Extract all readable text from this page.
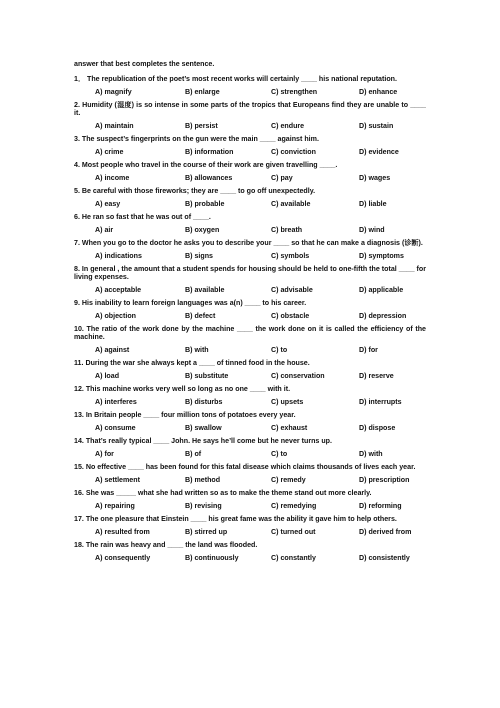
answer that best completes the sentence.
1． The republication of the poet’s most recent works will certainly ____ his national reputation.
A) magnify	B) enlarge	C) strengthen	D) enhance
2. Humidity (湿度) is so intense in some parts of the tropics that Europeans find they are unable to ____ it.
A) maintain	B) persist	C) endure	D) sustain
3. The suspect’s fingerprints on the gun were the main ____ against him.
A) crime	B) information	C) conviction	D) evidence
4. Most people who travel in the course of their work are given travelling ____.
A) income	B) allowances	C) pay	D) wages
5. Be careful with those fireworks; they are ____ to go off unexpectedly.
A) easy	B) probable	C) available	D) liable
6. He ran so fast that he was out of ____.
A) air	B) oxygen	C) breath	D) wind
7. When you go to the doctor he asks you to describe your ____ so that he can make a diagnosis (诊断).
A) indications	B) signs	C) symbols	D) symptoms
8. In general , the amount that a student spends for housing should be held to one-fifth the total ____ for living expenses.
A) acceptable	B) available	C) advisable	D) applicable
9. His inability to learn foreign languages was a(n) ____ to his career.
A) objection	B) defect	C) obstacle	D) depression
10. The ratio of the work done by the machine ____ the work done on it is called the efficiency of the machine.
A) against	B) with	C) to	D) for
11. During the war she always kept a ____ of tinned food in the house.
A) load	B) substitute	C) conservation	D) reserve
12. This machine works very well so long as no one ____ with it.
A) interferes	B) disturbs	C) upsets	D) interrupts
13. In Britain people ____ four million tons of potatoes every year.
A) consume	B) swallow	C) exhaust	D) dispose
14. That’s really typical ____ John. He says he’ll come but he never turns up.
A) for	B) of	C) to	D) with
15. No effective ____ has been found for this fatal disease which claims thousands of lives each year.
A) settlement	B) method	C) remedy	D) prescription
16. She was _____ what she had written so as to make the theme stand out more clearly.
A) repairing	B) revising	C) remedying	D) reforming
17. The one pleasure that Einstein ____ his great fame was the ability it gave him to help others.
A) resulted from	B) stirred up	C) turned out	D) derived from
18. The rain was heavy and ____ the land was flooded.
A) consequently	B) continuously	C) constantly	D) consistently
